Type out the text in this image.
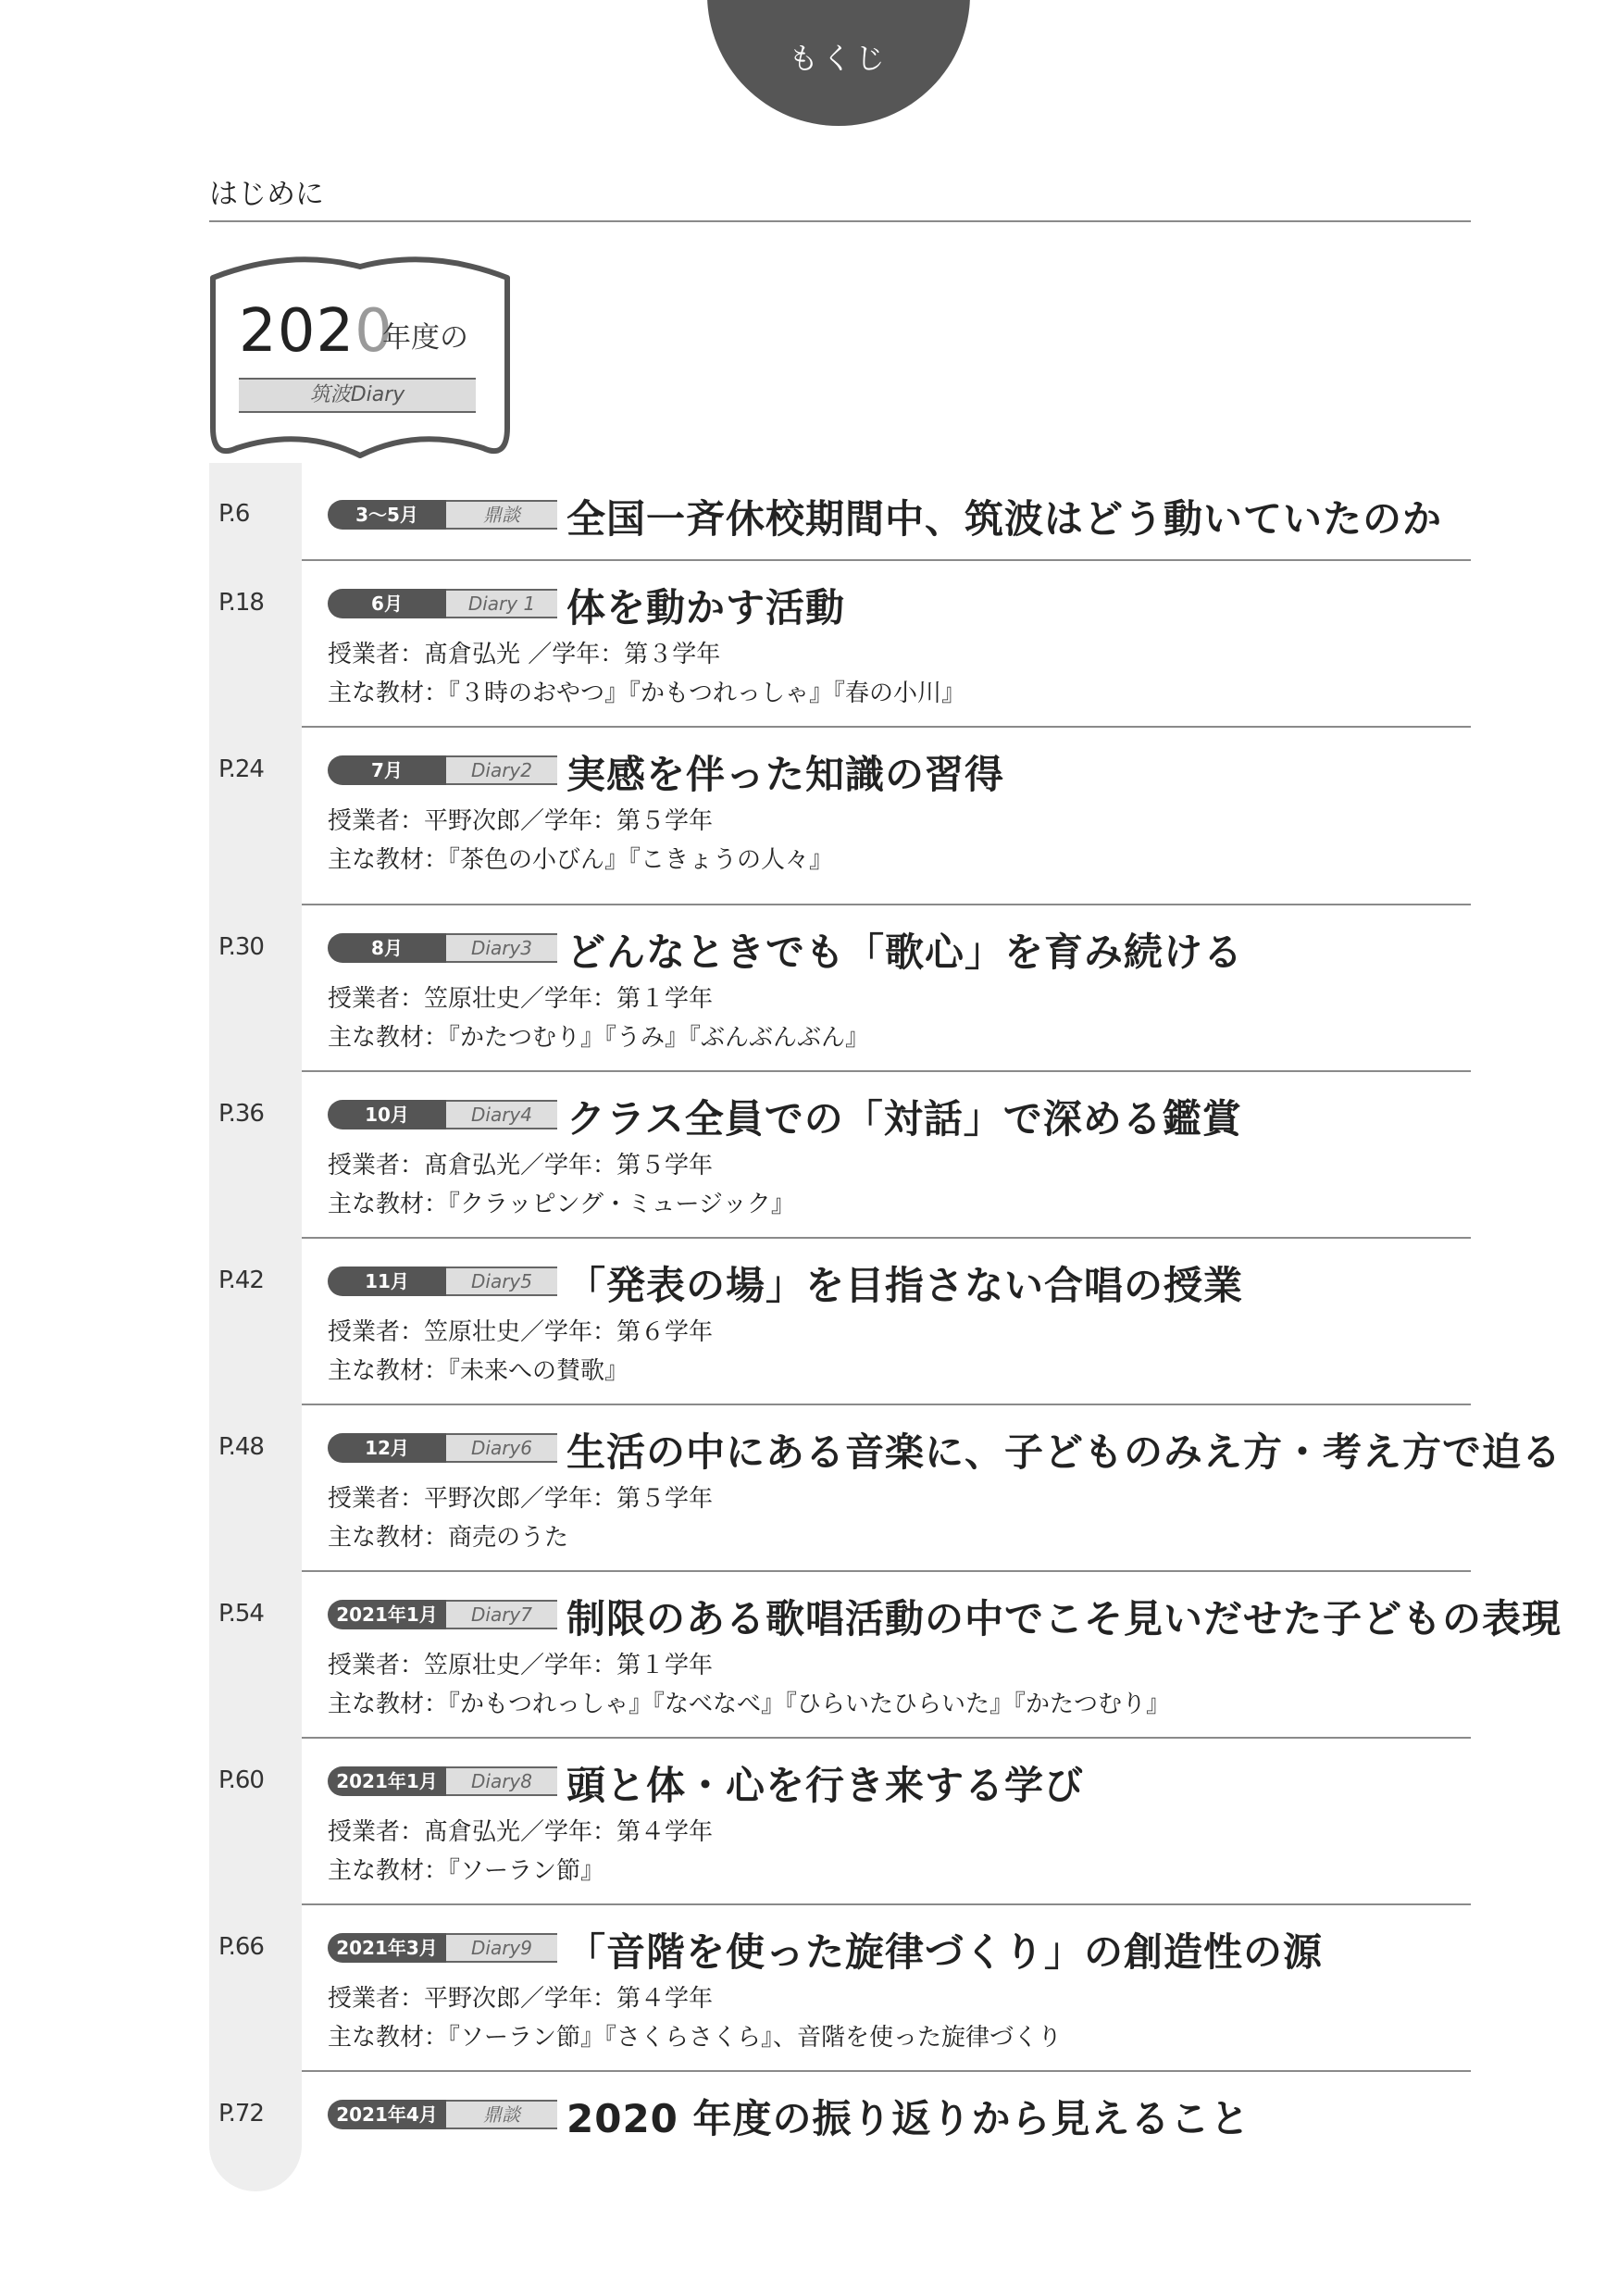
もくじ
はじめに
2020
年度の
筑波Diary
P.6	3〜5月	鼎談	全国一斉休校期間中、筑波はどう動いていたのか
P.18	6月	Diary 1 体を動かす活動
授業者：髙倉弘光 ／学年：第３学年
主な教材：『３時のおやつ』『かもつれっしゃ』『春の小川』
P.24	7月	Diary2 実感を伴った知識の習得
授業者：平野次郎／学年：第５学年
主な教材：『茶色の小びん』『こきょうの人々』
P.30	8月	Diary3 どんなときでも「歌心」を育み続ける
授業者：笠原壮史／学年：第１学年
主な教材：『かたつむり』『うみ』『ぶんぶんぶん』
P.36	10月	Diary4 クラス全員での「対話」で深める鑑賞
授業者：髙倉弘光／学年：第５学年
主な教材：『クラッピング・ミュージック』
P.42	11月	Diary5 「発表の場」を目指さない合唱の授業
授業者：笠原壮史／学年：第６学年
主な教材：『未来への賛歌』
P.48	12月	Diary6 生活の中にある音楽に、子どものみえ方・考え方で迫る
授業者：平野次郎／学年：第５学年
主な教材：商売のうた
P.54	2021年1月	Diary7 制限のある歌唱活動の中でこそ見いだせた子どもの表現
授業者：笠原壮史／学年：第１学年
主な教材：『かもつれっしゃ』『なべなべ』『ひらいたひらいた』『かたつむり』
P.60	2021年1月	Diary8 頭と体・心を行き来する学び
授業者：髙倉弘光／学年：第４学年
主な教材：『ソーラン節』
P.66	2021年3月	Diary9 「音階を使った旋律づくり」の創造性の源
授業者：平野次郎／学年：第４学年
主な教材：『ソーラン節』『さくらさくら』、音階を使った旋律づくり
P.72	2021年4月	鼎談	2020 年度の振り返りから見えること
